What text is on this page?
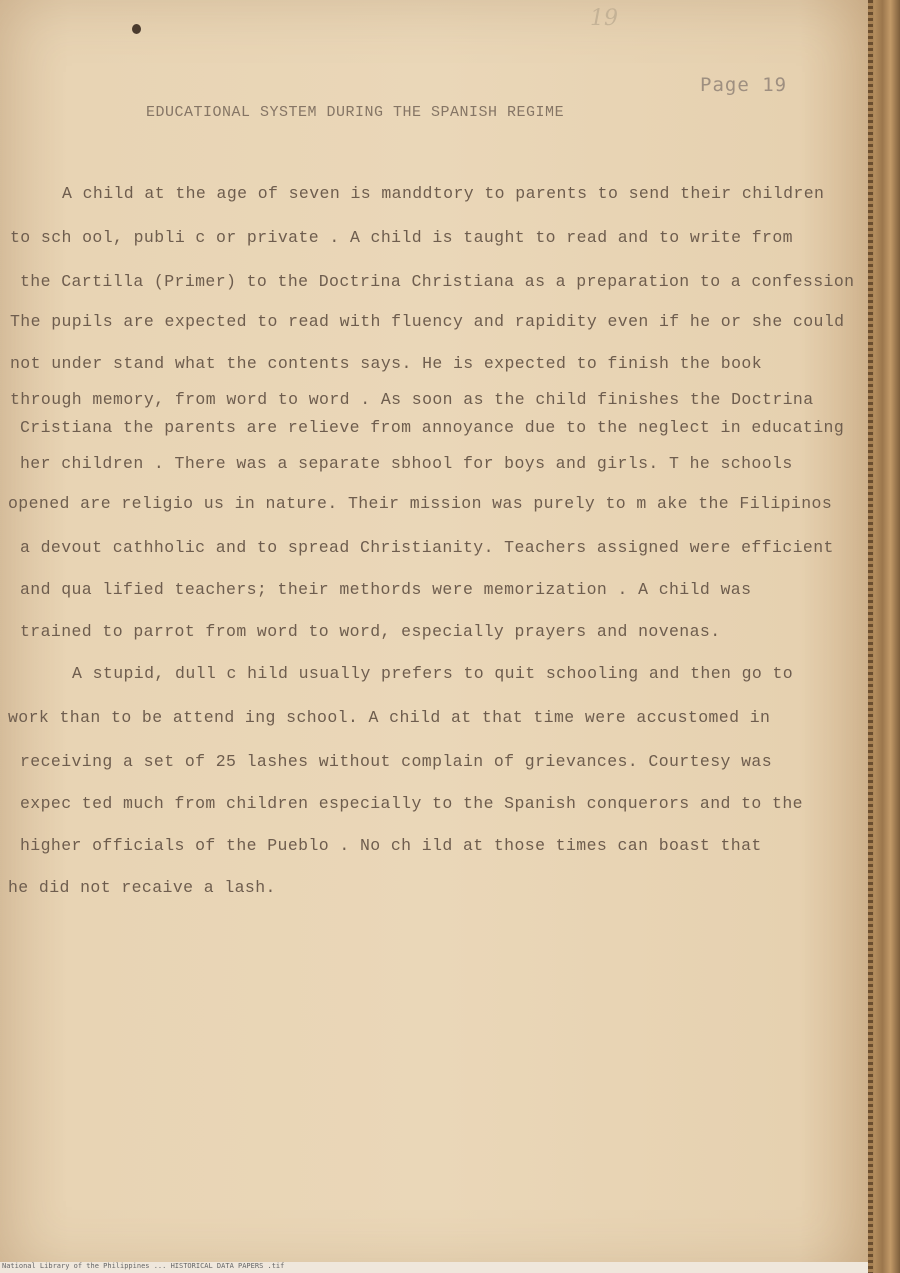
19
Page 19
EDUCATIONAL SYSTEM DURING THE SPANISH REGIME
A child at the age of seven is manddtory to parents to send their children
to sch ool, publi c or private . A child is taught to read and to write from
the Cartilla (Primer) to the Doctrina Christiana as a preparation to a confession
The pupils are expected to read with fluency and rapidity even if he or she could
not under stand what the contents says. He is expected to finish the book
through memory, from word to word . As soon as the child finishes the Doctrina
Cristiana the parents are relieve from annoyance due to the neglect in educating
her children . There was a separate sbhool for boys and girls. T he schools
opened are religio us in nature. Their mission was purely to m ake the Filipinos
a devout cathholic and to spread Christianity. Teachers assigned were efficient
and qua lified teachers; their methords were memorization . A child was
trained to parrot from word to word, especially prayers and novenas.
A stupid, dull c hild usually prefers to quit schooling and then go to
work than to be attend ing school. A child at that time were accustomed in
receiving a set of 25 lashes without complain of grievances. Courtesy was
expec ted much from children especially to the Spanish conquerors and to the
higher officials of the Pueblo . No ch ild at those times can boast that
he did not recaive a lash.
National Library of the Philippines ... HISTORICAL DATA PAPERS .tif
